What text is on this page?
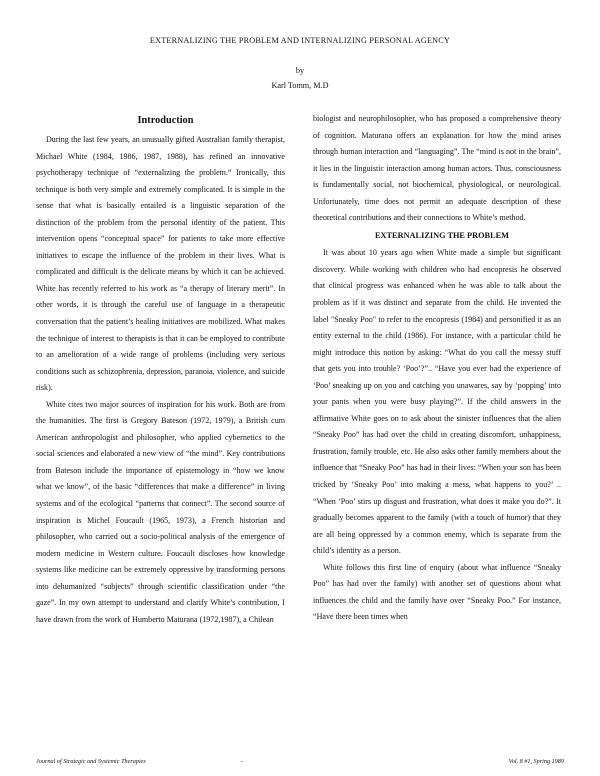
EXTERNALIZING THE PROBLEM AND INTERNALIZING PERSONAL AGENCY
by
Karl Tomm, M.D

Introduction

During the last few years, an unusually gifted Australian family therapist, Michael White (1984, 1986, 1987, 1988), has refined an innovative psychotherapy technique of “externalizing the problem.” Ironically, this technique is both very simple and extremely complicated. It is simple in the sense that what is basically entailed is a linguistic separation of the distinction of the problem from the personal identity of the patient. This intervention opens “conceptual space” for patients to take more effective initiatives to escape the influence of the problem in their lives. What is complicated and difficult is the delicate means by which it can be achieved. White has recently referred to his work as “a therapy of literary merit”. In other words, it is through the careful use of language in a therapeutic conversation that the patient’s healing initiatives are mobilized. What makes the technique of interest to therapists is that it can be employed to contribute to an amelioration of a wide range of problems (including very serious conditions such as schizophrenia, depression, paranoia, violence, and suicide risk).

White cites two major sources of inspiration for his work. Both are from the humanities. The first is Gregory Bateson (1972, 1979), a British cum American anthropologist and philosopher, who applied cybernetics to the social sciences and elaborated a new view of “the mind”. Key contributions from Bateson include the importance of epistemology in “how we know what we know”, of the basic “differences that make a difference” in living systems and of the ecological “patterns that connect”. The second source of inspiration is Michel Foucault (1965, 1973), a French historian and philosopher, who carried out a socio-political analysis of the emergence of modern medicine in Western culture. Foucault discloses how knowledge systems like medicine can be extremely oppressive by transforming persons into dehumanized “subjects” through scientific classification under “the gaze”. In my own attempt to understand and clarify White’s contribution, I have drawn from the work of Humberto Maturana (1972,1987), a Chilean

biologist and neurophilosopher, who has proposed a comprehensive theory of cognition. Maturana offers an explanation for how the mind arises through human interaction and “languaging”. The “mind is not in the brain”, it lies in the linguistic interaction among human actors. Thus, consciousness is fundamentally social, not biochemical, physiological, or neurological. Unfortunately, time does not permit an adequate description of these theoretical contributions and their connections to White’s method.

EXTERNALIZING THE PROBLEM

It was about 10 years ago when White made a simple but significant discovery. While working with children who had encopresis he observed that clinical progress was enhanced when he was able to talk about the problem as if it was distinct and separate from the child. He invented the label "Sneaky Poo" to refer to the encopresis (1984) and personified it as an entity external to the child (1986). For instance, with a particular child he might introduce this notion by asking: “What do you call the messy stuff that gets you into trouble? ‘Poo’?”.. “Have you ever had the experience of ‘Poo’ sneaking up on you and catching you unawares, say by ‘popping’ into your pants when you were busy playing?”. If the child answers in the affirmative White goes on to ask about the sinister influences that the alien “Sneaky Poo” has had over the child in creating discomfort, unhappiness, frustration, family trouble, etc. He also asks other family members about the influence that “Sneaky Poo” has had in their lives: “When your son has been tricked by ‘Sneaky Poo’ into making a mess, what happens to you?’ .. “When ‘Poo’ stirs up disgust and frustration, what does it make you do?”. It gradually becomes apparent to the family (with a touch of humor) that they are all being oppressed by a common enemy, which is separate from the child’s identity as a person.

White follows this first line of enquiry (about what influence “Sneaky Poo” has had over the family) with another set of questions about what influences the child and the family have over “Sneaky Poo.” For instance, “Have there been times when

Journal of Strategic and Systemic Therapies	-	Vol. 8 #1, Spring 1989
